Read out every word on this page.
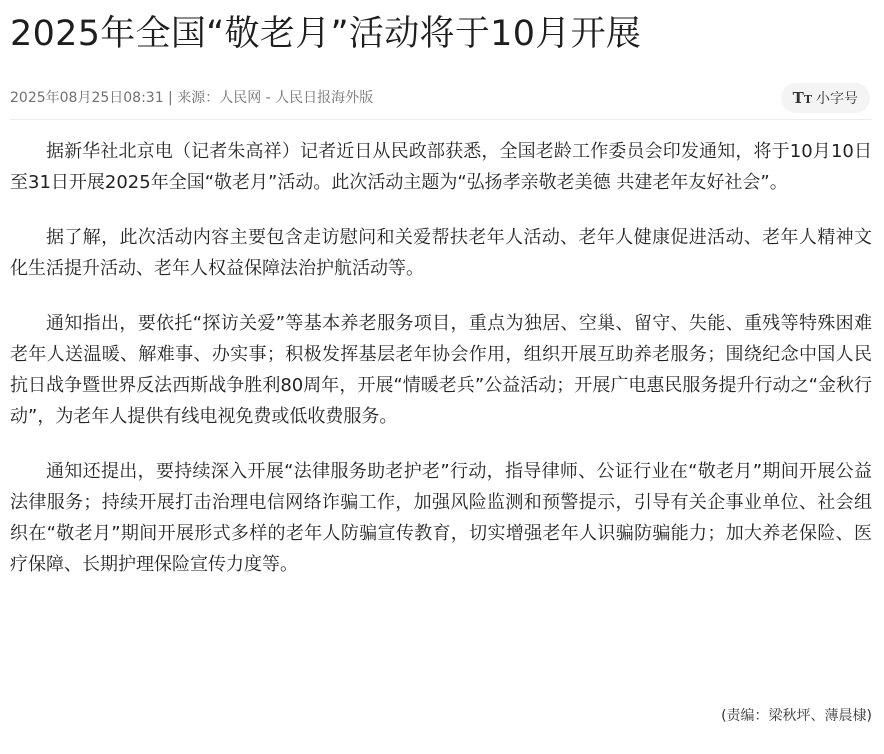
2025年全国“敬老月”活动将于10月开展
2025年08月25日08:31 | 来源：人民网 - 人民日报海外版	TT 小字号

据新华社北京电（记者朱高祥）记者近日从民政部获悉，全国老龄工作委员会印发通知，将于10月10日至31日开展2025年全国“敬老月”活动。此次活动主题为“弘扬孝亲敬老美德 共建老年友好社会”。

据了解，此次活动内容主要包含走访慰问和关爱帮扶老年人活动、老年人健康促进活动、老年人精神文化生活提升活动、老年人权益保障法治护航活动等。

通知指出，要依托“探访关爱”等基本养老服务项目，重点为独居、空巢、留守、失能、重残等特殊困难老年人送温暖、解难事、办实事；积极发挥基层老年协会作用，组织开展互助养老服务；围绕纪念中国人民抗日战争暨世界反法西斯战争胜利80周年，开展“情暖老兵”公益活动；开展广电惠民服务提升行动之“金秋行动”，为老年人提供有线电视免费或低收费服务。

通知还提出，要持续深入开展“法律服务助老护老”行动，指导律师、公证行业在“敬老月”期间开展公益法律服务；持续开展打击治理电信网络诈骗工作，加强风险监测和预警提示，引导有关企事业单位、社会组织在“敬老月”期间开展形式多样的老年人防骗宣传教育，切实增强老年人识骗防骗能力；加大养老保险、医疗保障、长期护理保险宣传力度等。

(责编：梁秋坪、薄晨棣)
